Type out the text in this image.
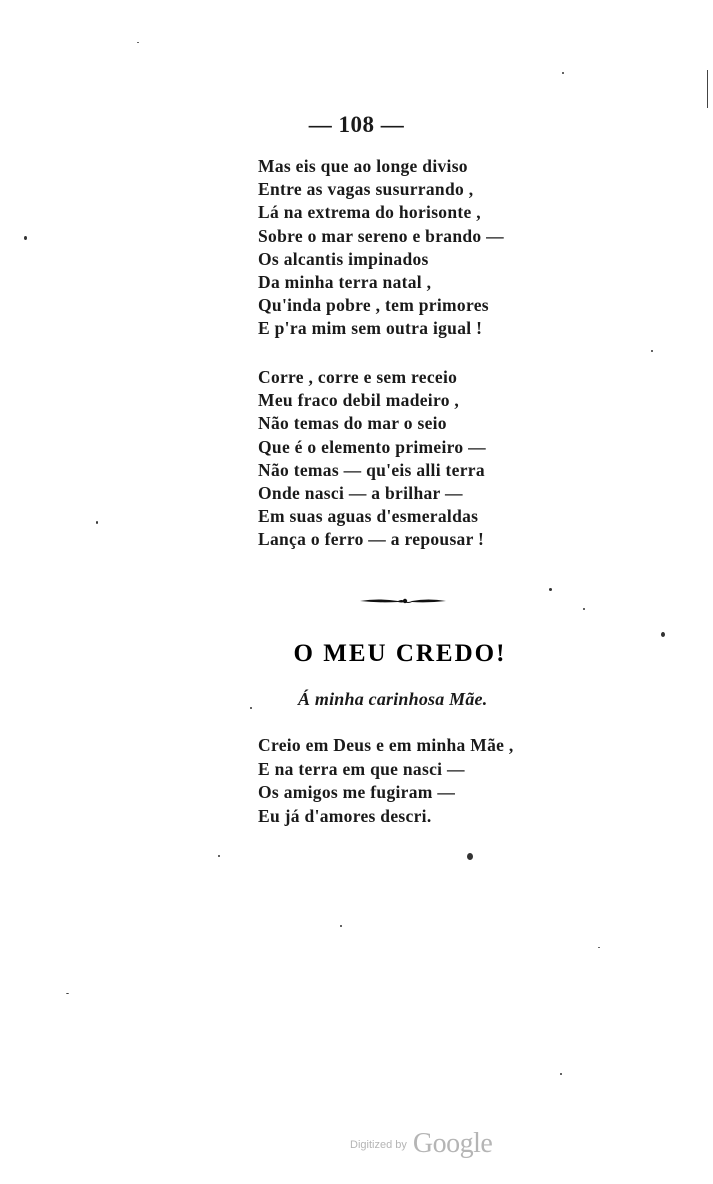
— 108 —
Mas eis que ao longe diviso
Entre as vagas susurrando ,
Lá na extrema do horisonte ,
Sobre o mar sereno e brando —
Os alcantis impinados
Da minha terra natal ,
Qu'inda pobre , tem primores
E p'ra mim sem outra igual !
Corre , corre e sem receio
Meu fraco debil madeiro ,
Não temas do mar o seio
Que é o elemento primeiro —
Não temas — qu'eis alli terra
Onde nasci — a brilhar —
Em suas aguas d'esmeraldas
Lança o ferro — a repousar !
O MEU CREDO!
Á minha carinhosa Mãe.
Creio em Deus e em minha Mãe ,
E na terra em que nasci —
Os amigos me fugiram —
Eu já d'amores descri.
$^{Digitized by}$ Google
